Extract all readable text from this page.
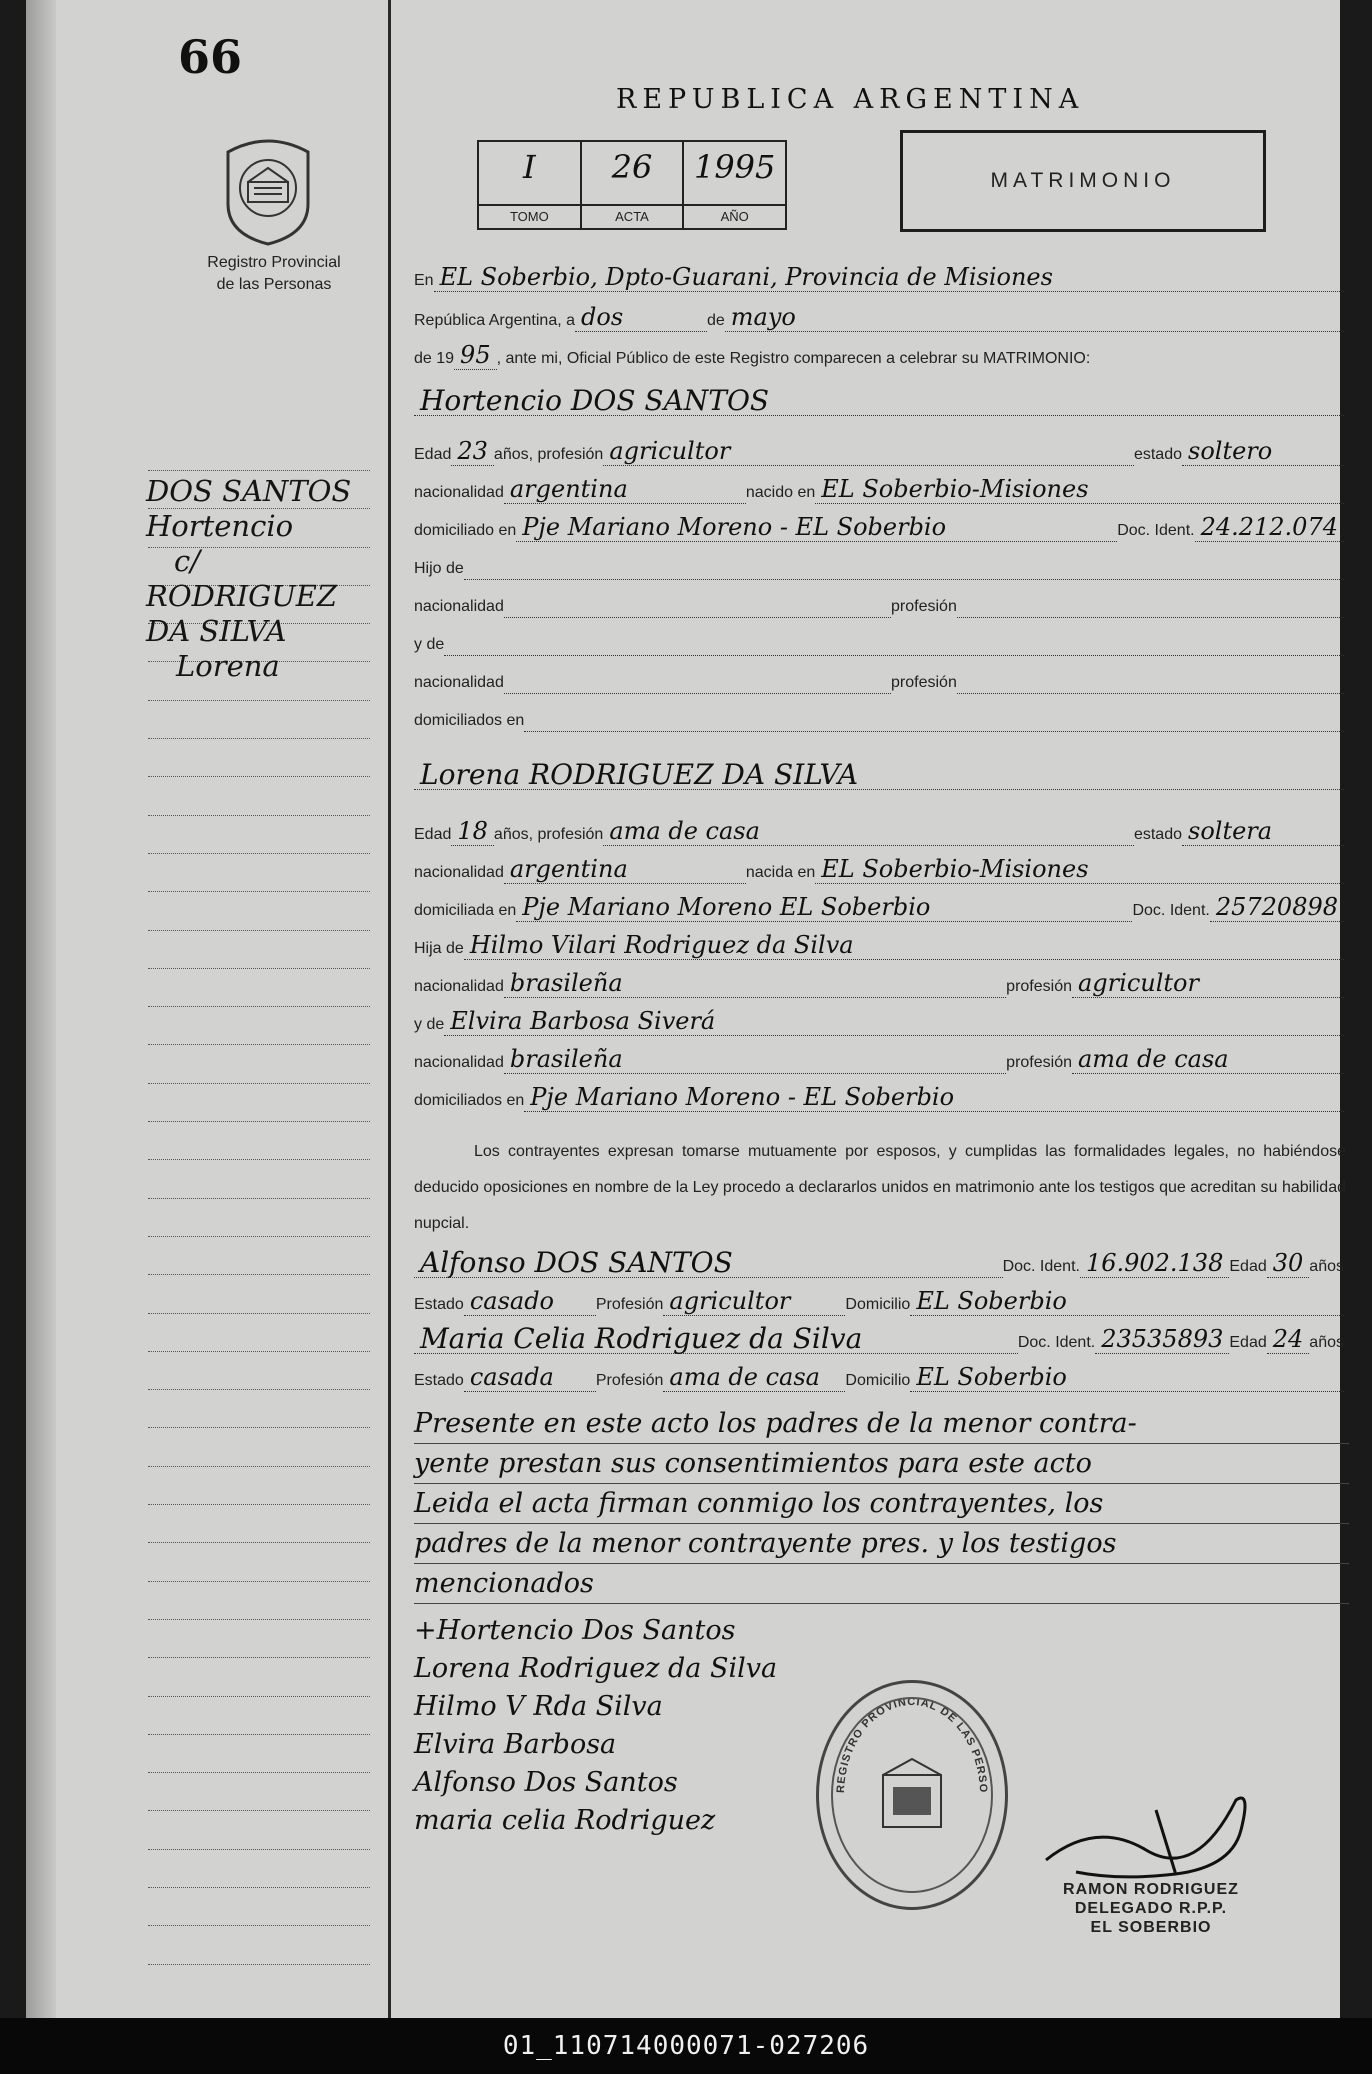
66
Registro Provincial
de las Personas
REPUBLICA ARGENTINA
I
TOMO
26
ACTA
1995
AÑO
MATRIMONIO
DOS SANTOS
Hortencio
c/
RODRIGUEZ
DA SILVA
Lorena
En EL Soberbio, Dpto-Guarani, Provincia de Misiones
República Argentina, a dos	de mayo
de 19 95 , ante mi, Oficial Público de este Registro comparecen a celebrar su MATRIMONIO:
Hortencio DOS SANTOS
Edad 23 años, profesión agricultor	estado soltero
nacionalidad argentina	nacido en EL Soberbio-Misiones
domiciliado en Pje Mariano Moreno - EL Soberbio	Doc. Ident. 24.212.074
Hijo de
nacionalidad	profesión
y de
nacionalidad	profesión
domiciliados en
Lorena RODRIGUEZ DA SILVA
Edad 18 años, profesión ama de casa	estado soltera
nacionalidad argentina	nacida en EL Soberbio-Misiones
domiciliada en Pje Mariano Moreno EL Soberbio	Doc. Ident. 25720898
Hija de Hilmo Vilari Rodriguez da Silva
nacionalidad brasileña	profesión agricultor
y de Elvira Barbosa Siverá
nacionalidad brasileña	profesión ama de casa
domiciliados en Pje Mariano Moreno - EL Soberbio
Los contrayentes expresan tomarse mutuamente por esposos, y cumplidas las formalidades legales, no habiéndose deducido oposiciones en nombre de la Ley procedo a declararlos unidos en matrimonio ante los testigos que acreditan su habilidad nupcial.
Alfonso DOS SANTOS	Doc. Ident. 16.902.138 Edad 30 años
Estado casado	Profesión agricultor	Domicilio EL Soberbio
Maria Celia Rodriguez da Silva	Doc. Ident. 23535893 Edad 24 años
Estado casada	Profesión ama de casa	Domicilio EL Soberbio
Presente en este acto los padres de la menor contra-
yente prestan sus consentimientos para este acto
Leida el acta firman conmigo los contrayentes, los
padres de la menor contrayente pres. y los testigos
mencionados
+Hortencio Dos Santos
Lorena Rodriguez da Silva
Hilmo V Rda Silva
Elvira Barbosa
Alfonso Dos Santos
maria celia Rodriguez
REGISTRO PROVINCIAL DE LAS PERSO
RAMON RODRIGUEZ
DELEGADO R.P.P.
EL SOBERBIO
01_110714000071-027206
